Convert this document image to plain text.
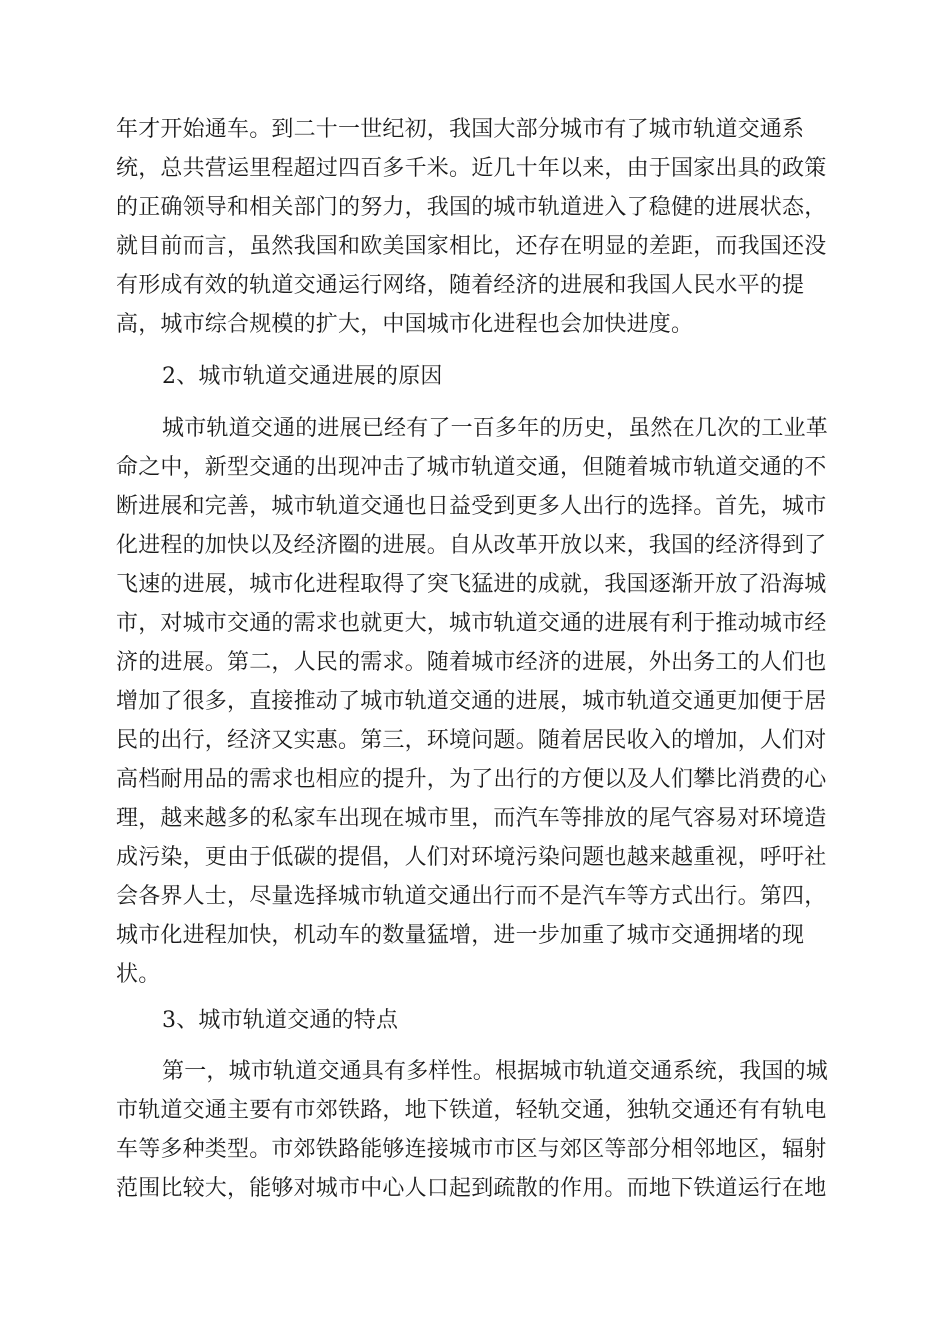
年才开始通车。到二十一世纪初，我国大部分城市有了城市轨道交通系
统，总共营运里程超过四百多千米。近几十年以来，由于国家出具的政策
的正确领导和相关部门的努力，我国的城市轨道进入了稳健的进展状态，
就目前而言，虽然我国和欧美国家相比，还存在明显的差距，而我国还没
有形成有效的轨道交通运行网络，随着经济的进展和我国人民水平的提
高，城市综合规模的扩大，中国城市化进程也会加快进度。
2、城市轨道交通进展的原因
城市轨道交通的进展已经有了一百多年的历史，虽然在几次的工业革
命之中，新型交通的出现冲击了城市轨道交通，但随着城市轨道交通的不
断进展和完善，城市轨道交通也日益受到更多人出行的选择。首先，城市
化进程的加快以及经济圈的进展。自从改革开放以来，我国的经济得到了
飞速的进展，城市化进程取得了突飞猛进的成就，我国逐渐开放了沿海城
市，对城市交通的需求也就更大，城市轨道交通的进展有利于推动城市经
济的进展。第二，人民的需求。随着城市经济的进展，外出务工的人们也
增加了很多，直接推动了城市轨道交通的进展，城市轨道交通更加便于居
民的出行，经济又实惠。第三，环境问题。随着居民收入的增加，人们对
高档耐用品的需求也相应的提升，为了出行的方便以及人们攀比消费的心
理，越来越多的私家车出现在城市里，而汽车等排放的尾气容易对环境造
成污染，更由于低碳的提倡，人们对环境污染问题也越来越重视，呼吁社
会各界人士，尽量选择城市轨道交通出行而不是汽车等方式出行。第四，
城市化进程加快，机动车的数量猛增，进一步加重了城市交通拥堵的现
状。
3、城市轨道交通的特点
第一，城市轨道交通具有多样性。根据城市轨道交通系统，我国的城
市轨道交通主要有市郊铁路，地下铁道，轻轨交通，独轨交通还有有轨电
车等多种类型。市郊铁路能够连接城市市区与郊区等部分相邻地区，辐射
范围比较大，能够对城市中心人口起到疏散的作用。而地下铁道运行在地
